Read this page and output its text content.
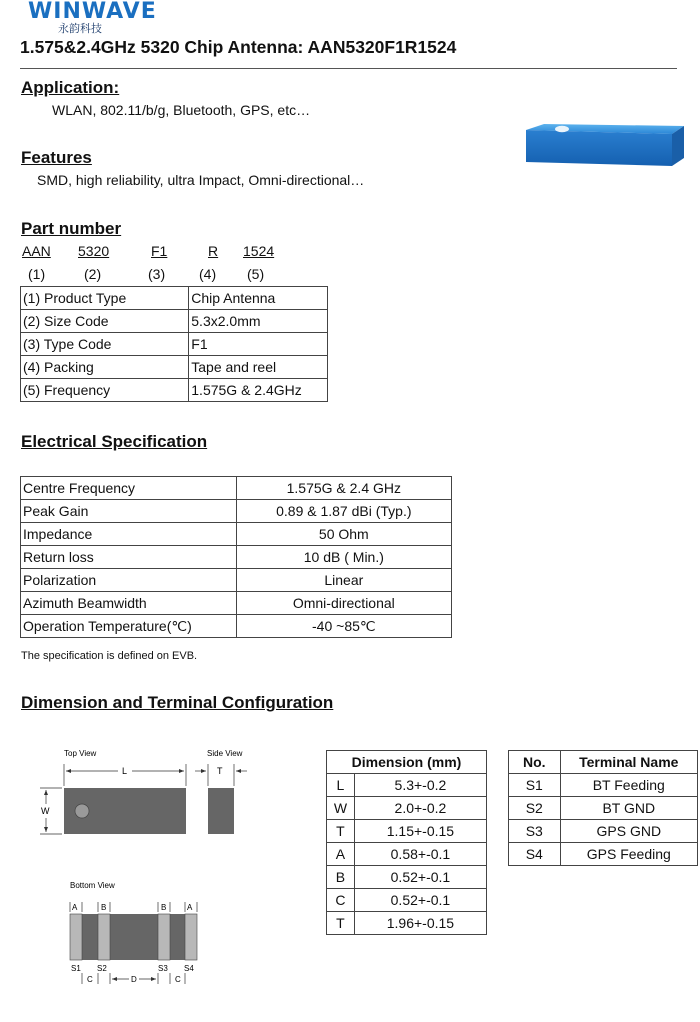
WINWAVE
永韵科技
1.575&2.4GHz 5320 Chip Antenna: AAN5320F1R1524
Application:
WLAN, 802.11/b/g, Bluetooth, GPS, etc…
Features
SMD, high reliability, ultra Impact, Omni-directional…
Part number
AAN 5320	F1	R 1524
(1)	(2)	(3) (4) (5)
(1) Product Type	Chip Antenna
(2) Size Code	5.3x2.0mm
(3) Type Code	F1
(4) Packing	Tape and reel
(5) Frequency	1.575G & 2.4GHz
Electrical Specification
Centre Frequency	1.575G & 2.4 GHz
Peak Gain	0.89 & 1.87 dBi (Typ.)
Impedance	50 Ohm
Return loss	10 dB ( Min.)
Polarization	Linear
Azimuth Beamwidth	Omni-directional
Operation Temperature(℃)	-40 ~85℃
The specification is defined on EVB.
Dimension and Terminal Configuration
Top View
L
W
Side View
T
Bottom View
A	B	B	A
S1 S2	S3 S4
C	D	C
Dimension (mm)	
L	5.3+-0.2
W	2.0+-0.2
T	1.15+-0.15
A	0.58+-0.1
B	0.52+-0.1
C	0.52+-0.1
T	1.96+-0.15
No.	Terminal Name
S1	BT Feeding
S2	BT GND
S3	GPS GND
S4	GPS Feeding
